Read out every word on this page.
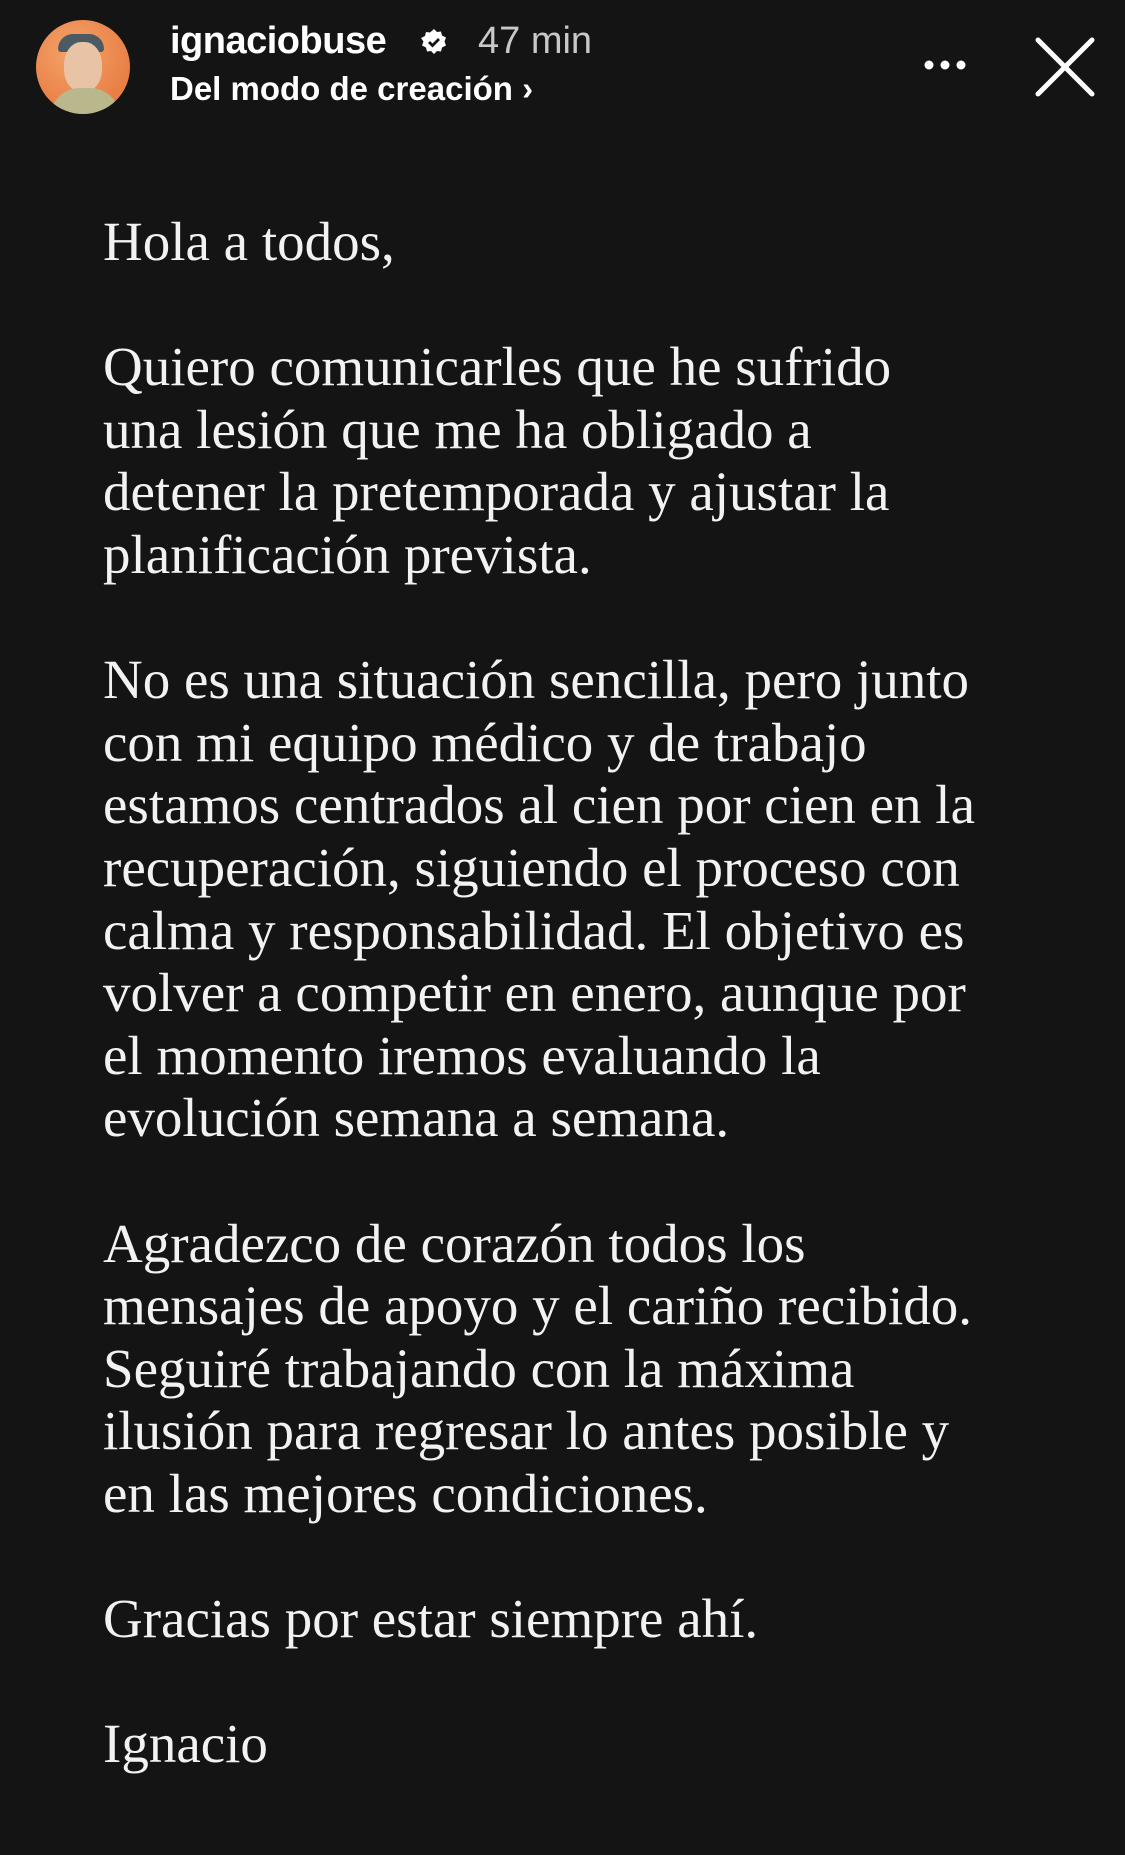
ignaciobuse 47 min
Del modo de creación ›
Hola a todos,
Quiero comunicarles que he sufrido
una lesión que me ha obligado a
detener la pretemporada y ajustar la
planificación prevista.
No es una situación sencilla, pero junto
con mi equipo médico y de trabajo
estamos centrados al cien por cien en la
recuperación, siguiendo el proceso con
calma y responsabilidad. El objetivo es
volver a competir en enero, aunque por
el momento iremos evaluando la
evolución semana a semana.
Agradezco de corazón todos los
mensajes de apoyo y el cariño recibido.
Seguiré trabajando con la máxima
ilusión para regresar lo antes posible y
en las mejores condiciones.
Gracias por estar siempre ahí.
Ignacio
